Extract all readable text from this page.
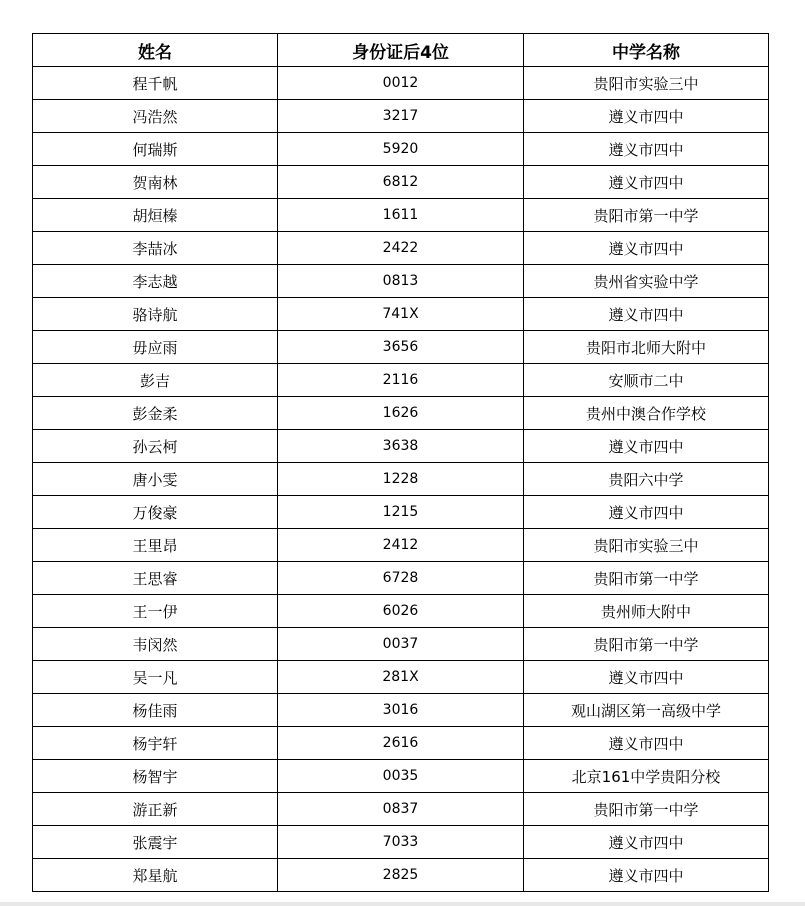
姓名	身份证后4位	中学名称
程千帆	0012	贵阳市实验三中
冯浩然	3217	遵义市四中
何瑞斯	5920	遵义市四中
贺南林	6812	遵义市四中
胡烜榛	1611	贵阳市第一中学
李喆冰	2422	遵义市四中
李志越	0813	贵州省实验中学
骆诗航	741X	遵义市四中
毋应雨	3656	贵阳市北师大附中
彭吉	2116	安顺市二中
彭金柔	1626	贵州中澳合作学校
孙云柯	3638	遵义市四中
唐小雯	1228	贵阳六中学
万俊豪	1215	遵义市四中
王里昂	2412	贵阳市实验三中
王思睿	6728	贵阳市第一中学
王一伊	6026	贵州师大附中
韦闵然	0037	贵阳市第一中学
吴一凡	281X	遵义市四中
杨佳雨	3016	观山湖区第一高级中学
杨宇轩	2616	遵义市四中
杨智宇	0035	北京161中学贵阳分校
游正新	0837	贵阳市第一中学
张震宇	7033	遵义市四中
郑星航	2825	遵义市四中
